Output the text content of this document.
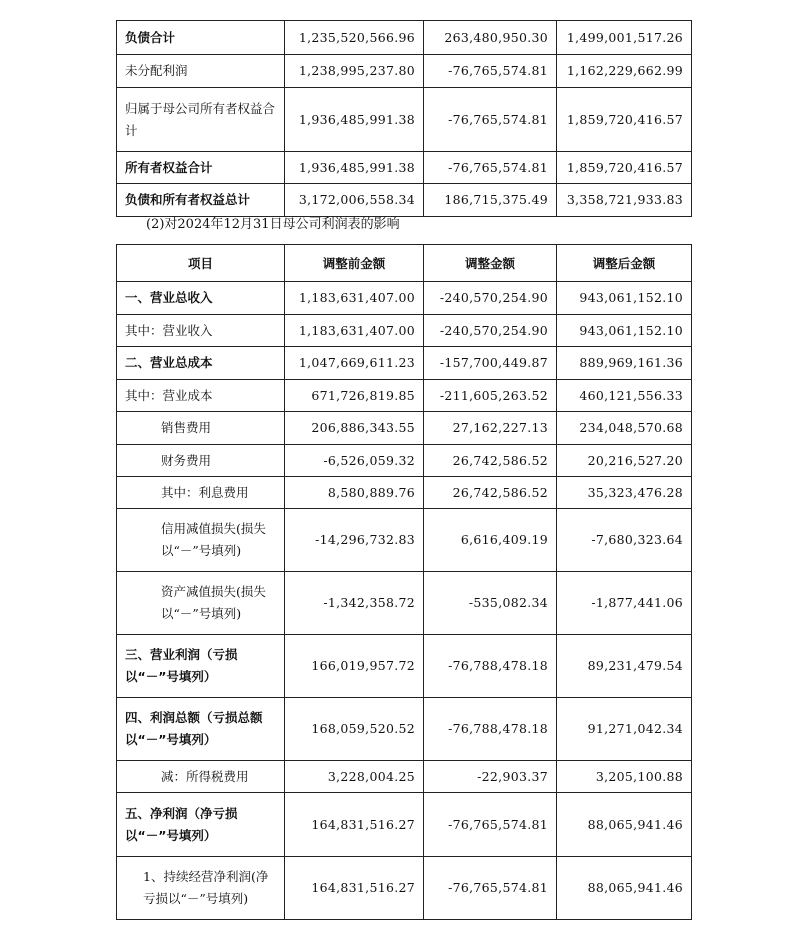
负债合计	1,235,520,566.96	263,480,950.30	1,499,001,517.26
未分配利润	1,238,995,237.80	-76,765,574.81	1,162,229,662.99
归属于母公司所有者权益合计	1,936,485,991.38	-76,765,574.81	1,859,720,416.57
所有者权益合计	1,936,485,991.38	-76,765,574.81	1,859,720,416.57
负债和所有者权益总计	3,172,006,558.34	186,715,375.49	3,358,721,933.83
(2)对2024年12月31日母公司利润表的影响
项目	调整前金额	调整金额	调整后金额
一、营业总收入	1,183,631,407.00	-240,570,254.90	943,061,152.10
其中：营业收入	1,183,631,407.00	-240,570,254.90	943,061,152.10
二、营业总成本	1,047,669,611.23	-157,700,449.87	889,969,161.36
其中：营业成本	671,726,819.85	-211,605,263.52	460,121,556.33
销售费用	206,886,343.55	27,162,227.13	234,048,570.68
财务费用	-6,526,059.32	26,742,586.52	20,216,527.20
其中：利息费用	8,580,889.76	26,742,586.52	35,323,476.28
信用减值损失(损失以“－”号填列)	-14,296,732.83	6,616,409.19	-7,680,323.64
资产减值损失(损失以“－”号填列)	-1,342,358.72	-535,082.34	-1,877,441.06
三、营业利润（亏损以“－”号填列）	166,019,957.72	-76,788,478.18	89,231,479.54
四、利润总额（亏损总额以“－”号填列）	168,059,520.52	-76,788,478.18	91,271,042.34
减：所得税费用	3,228,004.25	-22,903.37	3,205,100.88
五、净利润（净亏损以“－”号填列）	164,831,516.27	-76,765,574.81	88,065,941.46
1、持续经营净利润(净亏损以“－”号填列)	164,831,516.27	-76,765,574.81	88,065,941.46
